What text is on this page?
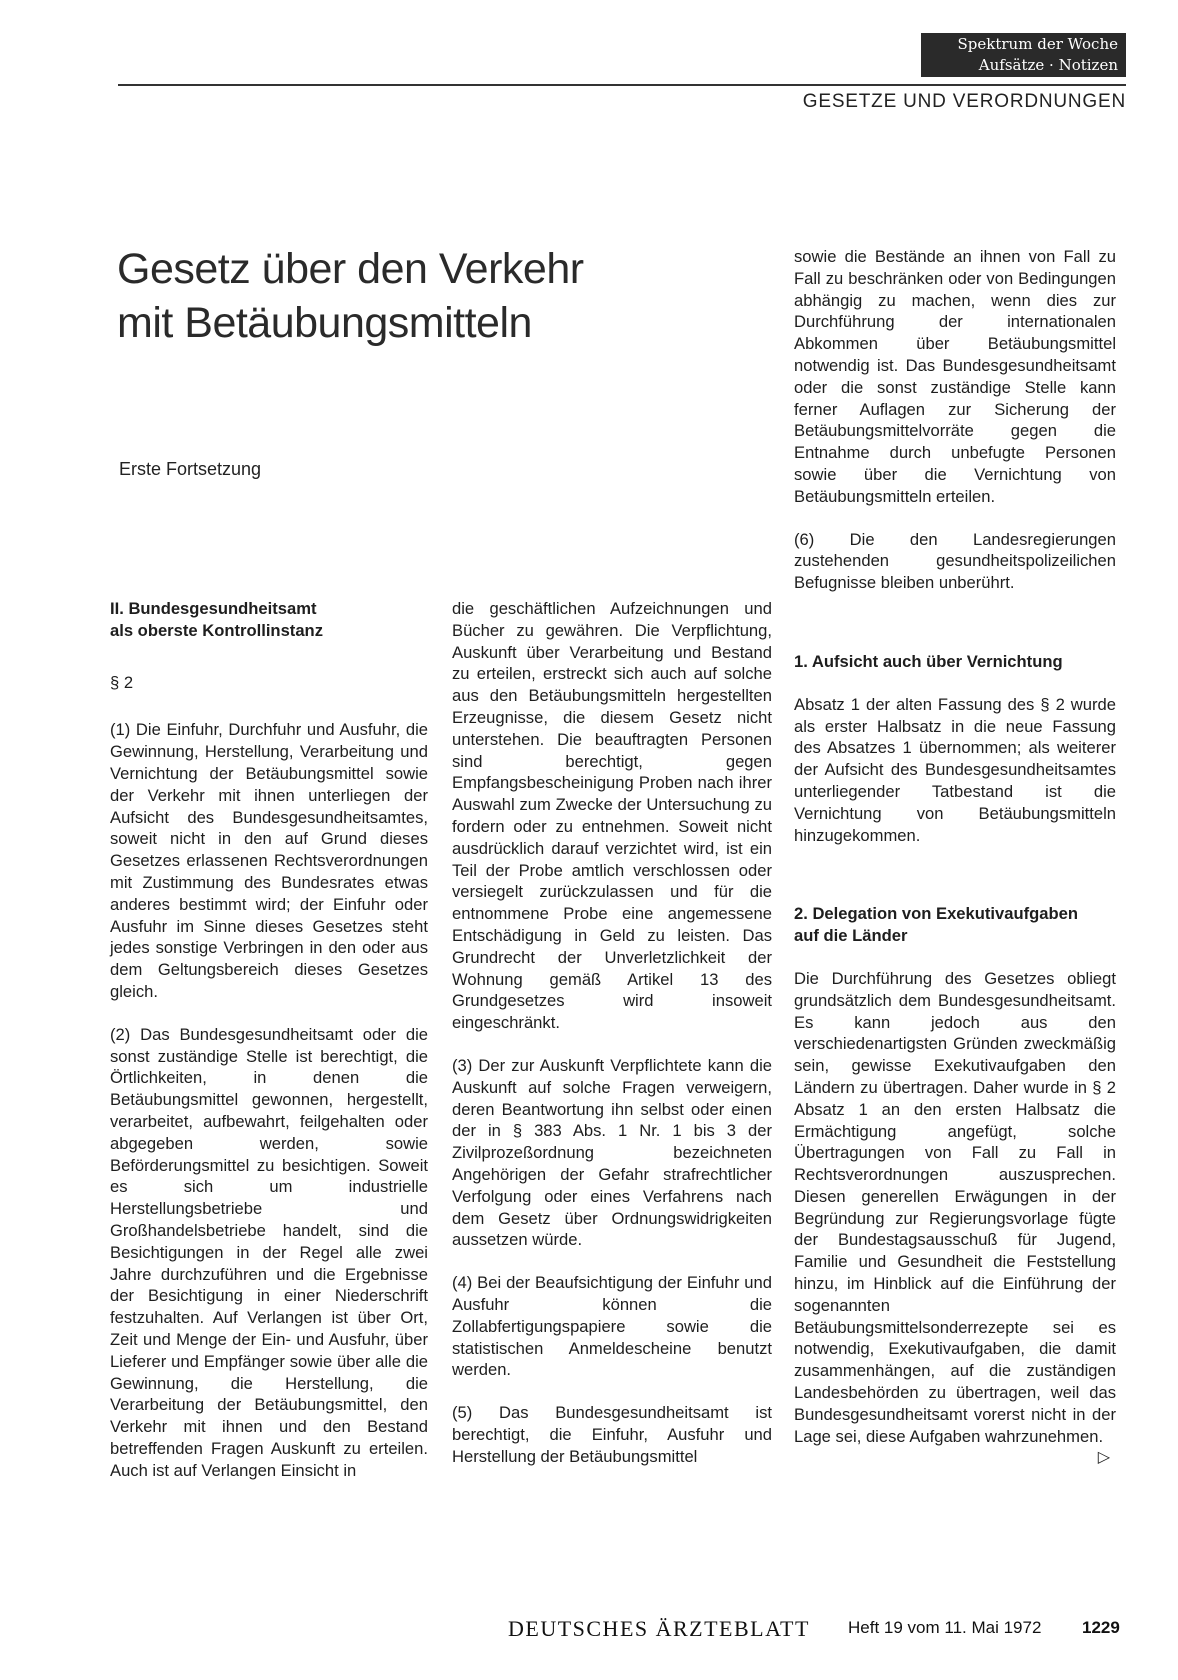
Spektrum der Woche
Aufsätze · Notizen
GESETZE UND VERORDNUNGEN
Gesetz über den Verkehr
mit Betäubungsmitteln
Erste Fortsetzung
II. Bundesgesundheitsamt
als oberste Kontrollinstanz
§ 2

(1) Die Einfuhr, Durchfuhr und Ausfuhr, die Gewinnung, Herstellung, Verarbeitung und Vernichtung der Betäubungsmittel sowie der Verkehr mit ihnen unterliegen der Aufsicht des Bundesgesundheitsamtes, soweit nicht in den auf Grund dieses Gesetzes erlassenen Rechtsverordnungen mit Zustimmung des Bundesrates etwas anderes bestimmt wird; der Einfuhr oder Ausfuhr im Sinne dieses Gesetzes steht jedes sonstige Verbringen in den oder aus dem Geltungsbereich dieses Gesetzes gleich.

(2) Das Bundesgesundheitsamt oder die sonst zuständige Stelle ist berechtigt, die Örtlichkeiten, in denen die Betäubungsmittel gewonnen, hergestellt, verarbeitet, aufbewahrt, feilgehalten oder abgegeben werden, sowie Beförderungsmittel zu besichtigen. Soweit es sich um industrielle Herstellungsbetriebe und Großhandelsbetriebe handelt, sind die Besichtigungen in der Regel alle zwei Jahre durchzuführen und die Ergebnisse der Besichtigung in einer Niederschrift festzuhalten. Auf Verlangen ist über Ort, Zeit und Menge der Ein- und Ausfuhr, über Lieferer und Empfänger sowie über alle die Gewinnung, die Herstellung, die Verarbeitung der Betäubungsmittel, den Verkehr mit ihnen und den Bestand betreffenden Fragen Auskunft zu erteilen. Auch ist auf Verlangen Einsicht in

die geschäftlichen Aufzeichnungen und Bücher zu gewähren. Die Verpflichtung, Auskunft über Verarbeitung und Bestand zu erteilen, erstreckt sich auch auf solche aus den Betäubungsmitteln hergestellten Erzeugnisse, die diesem Gesetz nicht unterstehen. Die beauftragten Personen sind berechtigt, gegen Empfangsbescheinigung Proben nach ihrer Auswahl zum Zwecke der Untersuchung zu fordern oder zu entnehmen. Soweit nicht ausdrücklich darauf verzichtet wird, ist ein Teil der Probe amtlich verschlossen oder versiegelt zurückzulassen und für die entnommene Probe eine angemessene Entschädigung in Geld zu leisten. Das Grundrecht der Unverletzlichkeit der Wohnung gemäß Artikel 13 des Grundgesetzes wird insoweit eingeschränkt.

(3) Der zur Auskunft Verpflichtete kann die Auskunft auf solche Fragen verweigern, deren Beantwortung ihn selbst oder einen der in § 383 Abs. 1 Nr. 1 bis 3 der Zivilprozeßordnung bezeichneten Angehörigen der Gefahr strafrechtlicher Verfolgung oder eines Verfahrens nach dem Gesetz über Ordnungswidrigkeiten aussetzen würde.

(4) Bei der Beaufsichtigung der Einfuhr und Ausfuhr können die Zollabfertigungspapiere sowie die statistischen Anmeldescheine benutzt werden.

(5) Das Bundesgesundheitsamt ist berechtigt, die Einfuhr, Ausfuhr und Herstellung der Betäubungsmittel

sowie die Bestände an ihnen von Fall zu Fall zu beschränken oder von Bedingungen abhängig zu machen, wenn dies zur Durchführung der internationalen Abkommen über Betäubungsmittel notwendig ist. Das Bundesgesundheitsamt oder die sonst zuständige Stelle kann ferner Auflagen zur Sicherung der Betäubungsmittelvorräte gegen die Entnahme durch unbefugte Personen sowie über die Vernichtung von Betäubungsmitteln erteilen.

(6) Die den Landesregierungen zustehenden gesundheitspolizeilichen Befugnisse bleiben unberührt.

1. Aufsicht auch über Vernichtung

Absatz 1 der alten Fassung des § 2 wurde als erster Halbsatz in die neue Fassung des Absatzes 1 übernommen; als weiterer der Aufsicht des Bundesgesundheitsamtes unterliegender Tatbestand ist die Vernichtung von Betäubungsmitteln hinzugekommen.

2. Delegation von Exekutivaufgaben
auf die Länder

Die Durchführung des Gesetzes obliegt grundsätzlich dem Bundesgesundheitsamt. Es kann jedoch aus den verschiedenartigsten Gründen zweckmäßig sein, gewisse Exekutivaufgaben den Ländern zu übertragen. Daher wurde in § 2 Absatz 1 an den ersten Halbsatz die Ermächtigung angefügt, solche Übertragungen von Fall zu Fall in Rechtsverordnungen auszusprechen. Diesen generellen Erwägungen in der Begründung zur Regierungsvorlage fügte der Bundestagsausschuß für Jugend, Familie und Gesundheit die Feststellung hinzu, im Hinblick auf die Einführung der sogenannten Betäubungsmittelsonderrezepte sei es notwendig, Exekutivaufgaben, die damit zusammenhängen, auf die zuständigen Landesbehörden zu übertragen, weil das Bundesgesundheitsamt vorerst nicht in der Lage sei, diese Aufgaben wahrzunehmen.
▷

DEUTSCHES ÄRZTEBLATT Heft 19 vom 11. Mai 1972 1229
